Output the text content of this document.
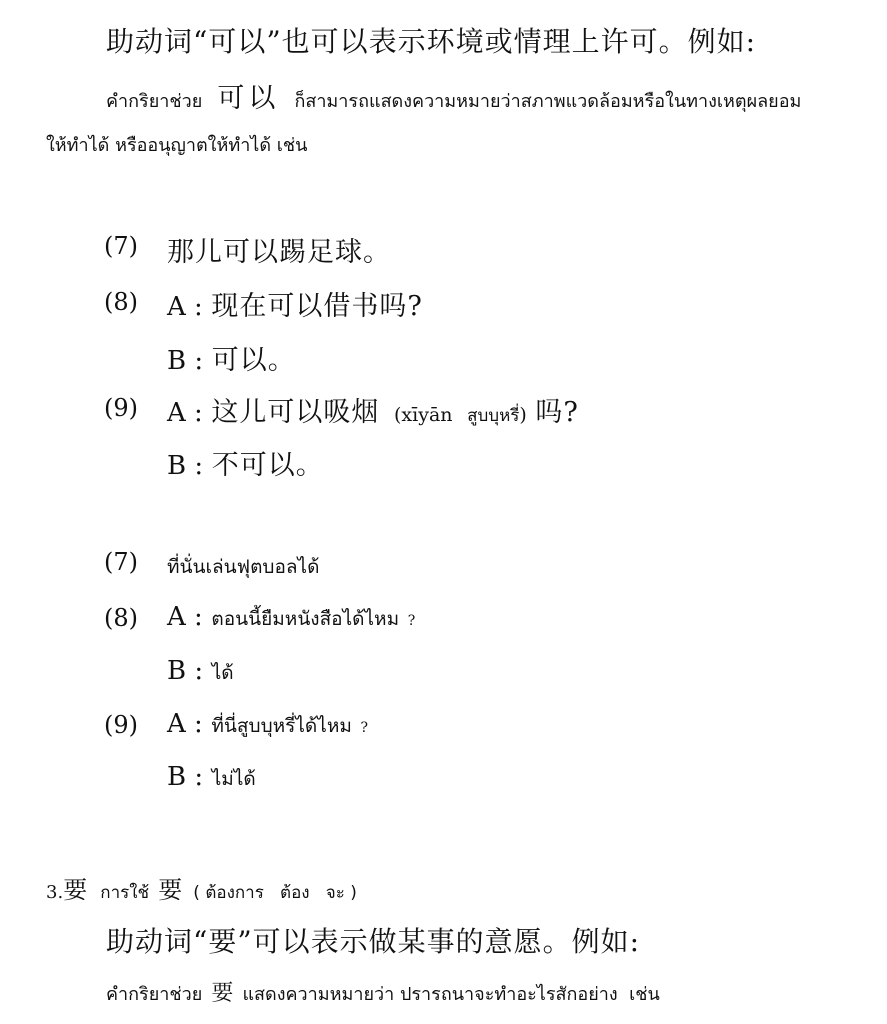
助动词“可以”也可以表示环境或情理上许可。例如:
คำกริยาช่วย 可以 ก็สามารถแสดงความหมายว่าสภาพแวดล้อมหรือในทางเหตุผลยอม
ให้ทำได้ หรืออนุญาตให้ทำได้ เช่น
(7) 那儿可以踢足球。
(8) A : 现在可以借书吗?
B : 可以。
(9) A : 这儿可以吸烟 (xīyān สูบบุหรี่) 吗?
B : 不可以。
(7) ที่นั่นเล่นฟุตบอลได้
(8) A : ตอนนี้ยืมหนังสือได้ไหม ?
B : ได้
(9) A : ที่นี่สูบบุหรี่ได้ไหม ?
B : ไม่ได้
3.要 การใช้ 要 ( ต้องการ   ต้อง   จะ )
助动词“要”可以表示做某事的意愿。例如:
คำกริยาช่วย 要 แสดงความหมายว่า ปรารถนาจะทำอะไรสักอย่าง  เช่น
